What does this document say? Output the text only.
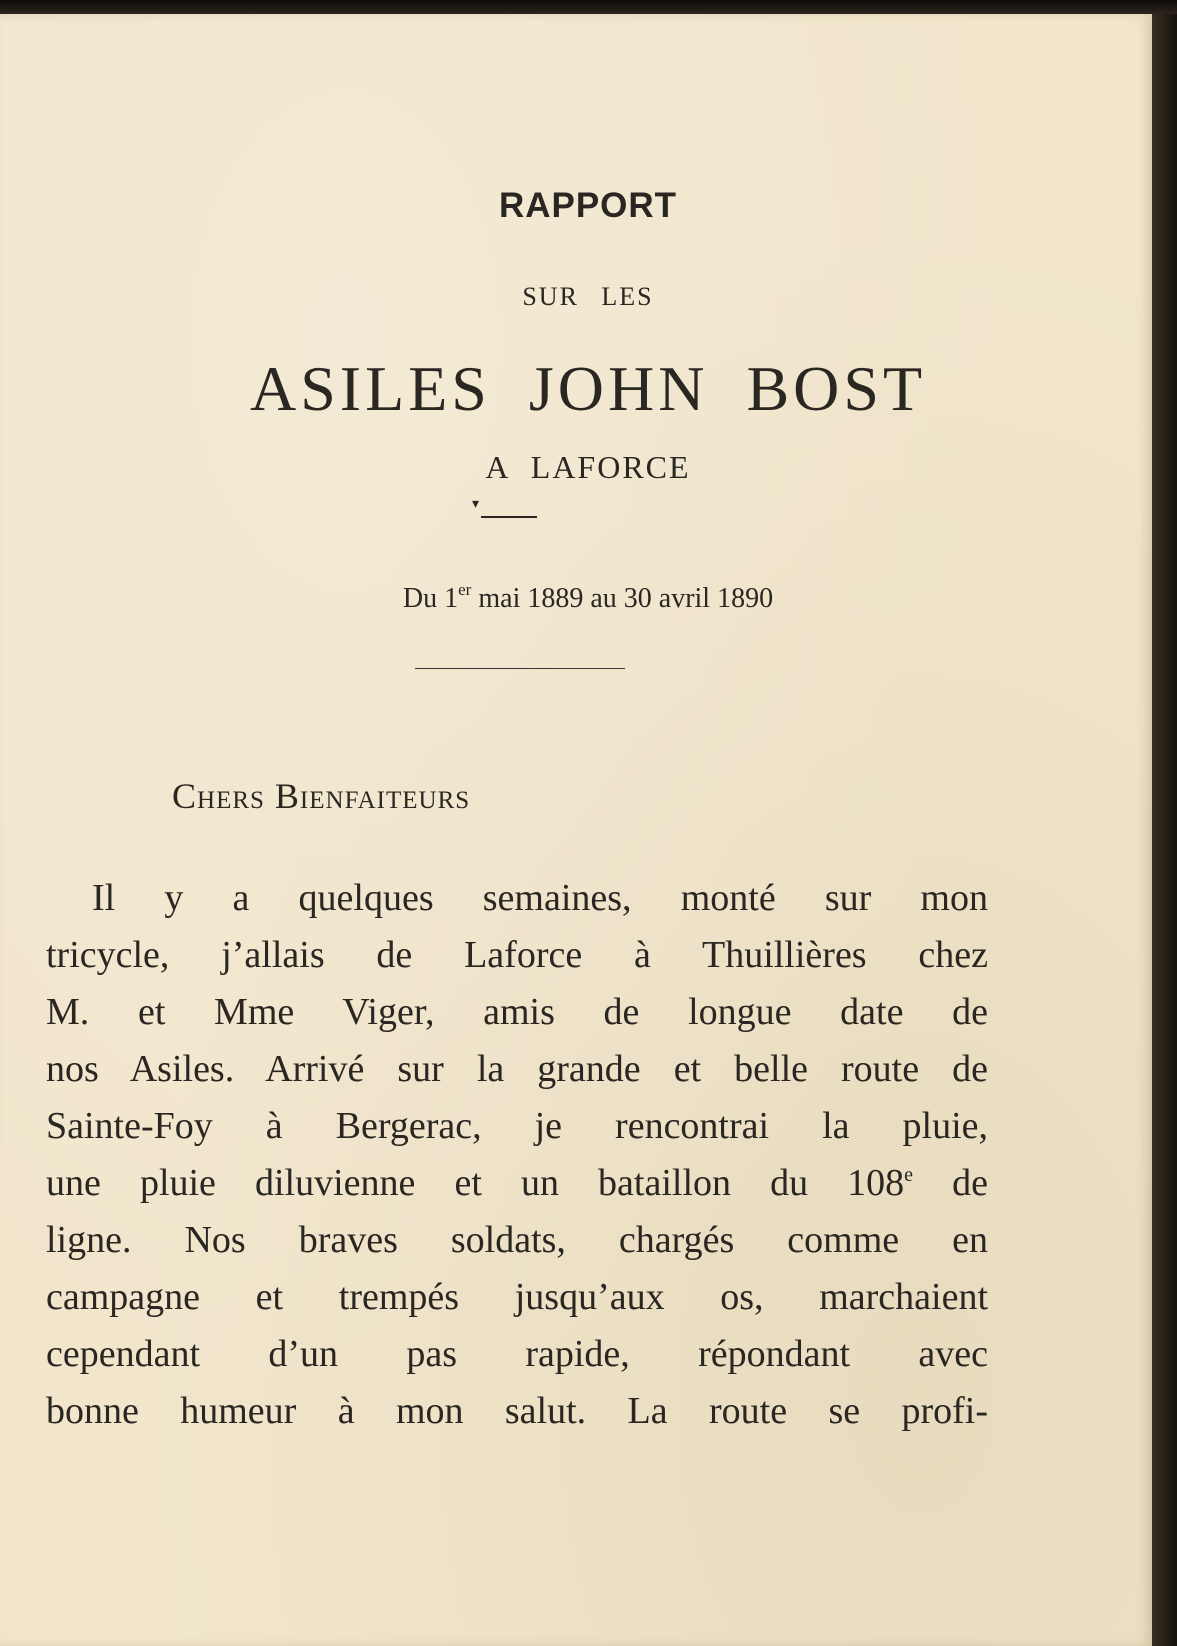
RAPPORT
SUR LES
ASILES JOHN BOST
A LAFORCE
▾
Du 1er mai 1889 au 30 avril 1890
Chers Bienfaiteurs
Il y a quelques semaines, monté sur mon
tricycle, j’allais de Laforce à Thuillières chez
M. et Mme Viger, amis de longue date de
nos Asiles. Arrivé sur la grande et belle route de
Sainte-Foy à Bergerac, je rencontrai la pluie,
une pluie diluvienne et un bataillon du 108e de
ligne. Nos braves soldats, chargés comme en
campagne et trempés jusqu’aux os, marchaient
cependant d’un pas rapide, répondant avec
bonne humeur à mon salut. La route se profi-
